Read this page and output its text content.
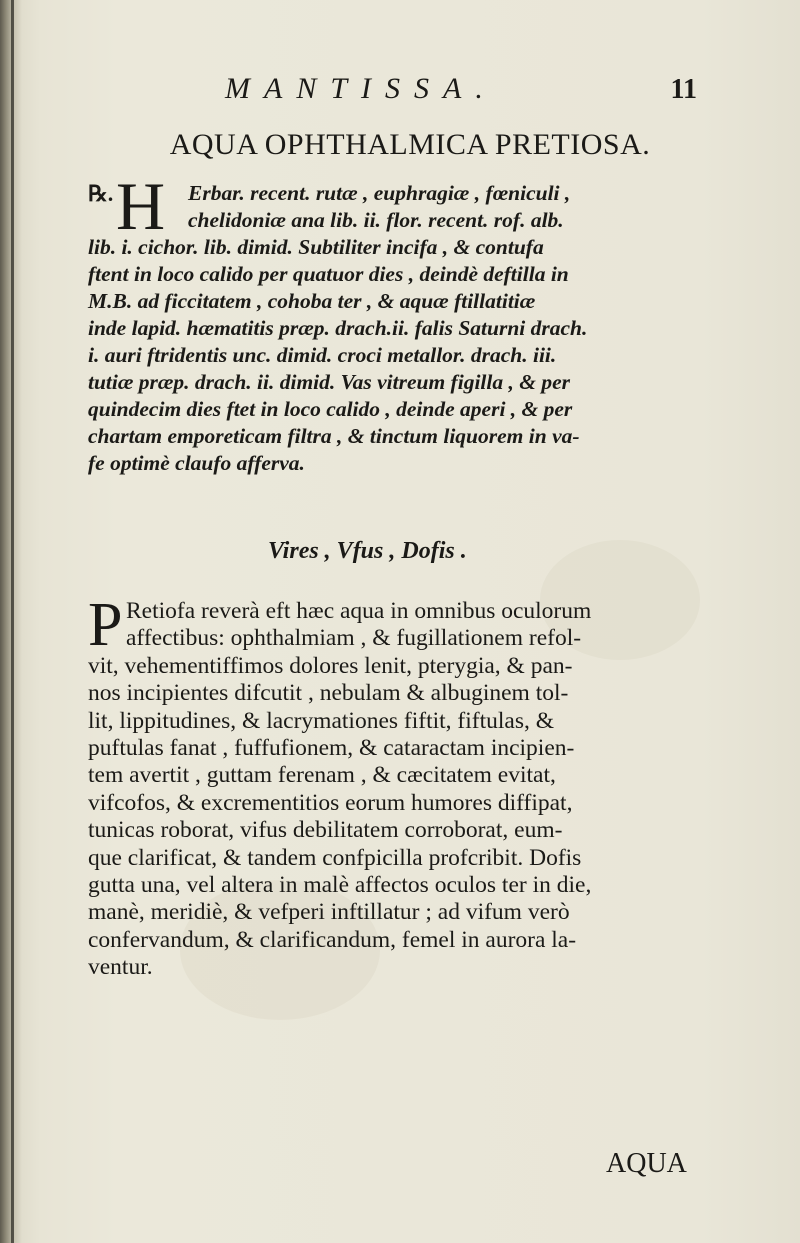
MANTISSA.	11
AQUA OPHTHALMICA PRETIOSA.
℞. H	Erbar. recent. rutæ , euphragiæ , fœniculi ,
chelidoniæ ana lib. ii. flor. recent. rof. alb.
lib. i. cichor. lib. dimid. Subtiliter incifa , & contufa
ftent in loco calido per quatuor dies , deindè deftilla in
M.B. ad ficcitatem , cohoba ter , & aquæ ftillatitiæ
inde lapid. hæmatitis præp. drach.ii. falis Saturni drach.
i. auri ftridentis unc. dimid. croci metallor. drach. iii.
tutiæ præp. drach. ii. dimid. Vas vitreum figilla , & per
quindecim dies ftet in loco calido , deinde aperi , & per
chartam emporeticam filtra , & tinctum liquorem in va-
fe optimè claufo afferva.
Vires , Vfus , Dofis .
P Retiofa reverà eft hæc aqua in omnibus oculorum
affectibus: ophthalmiam , & fugillationem refol-
vit, vehementiffimos dolores lenit, pterygia, & pan-
nos incipientes difcutit , nebulam & albuginem tol-
lit, lippitudines, & lacrymationes fiftit, fiftulas, &
puftulas fanat , fuffufionem, & cataractam incipien-
tem avertit , guttam ferenam , & cæcitatem evitat,
vifcofos, & excrementitios eorum humores diffipat,
tunicas roborat, vifus debilitatem corroborat, eum-
que clarificat, & tandem confpicilla profcribit. Dofis
gutta una, vel altera in malè affectos oculos ter in die,
manè, meridiè, & vefperi inftillatur ; ad vifum verò
confervandum, & clarificandum, femel in aurora la-
ventur.
AQUA
